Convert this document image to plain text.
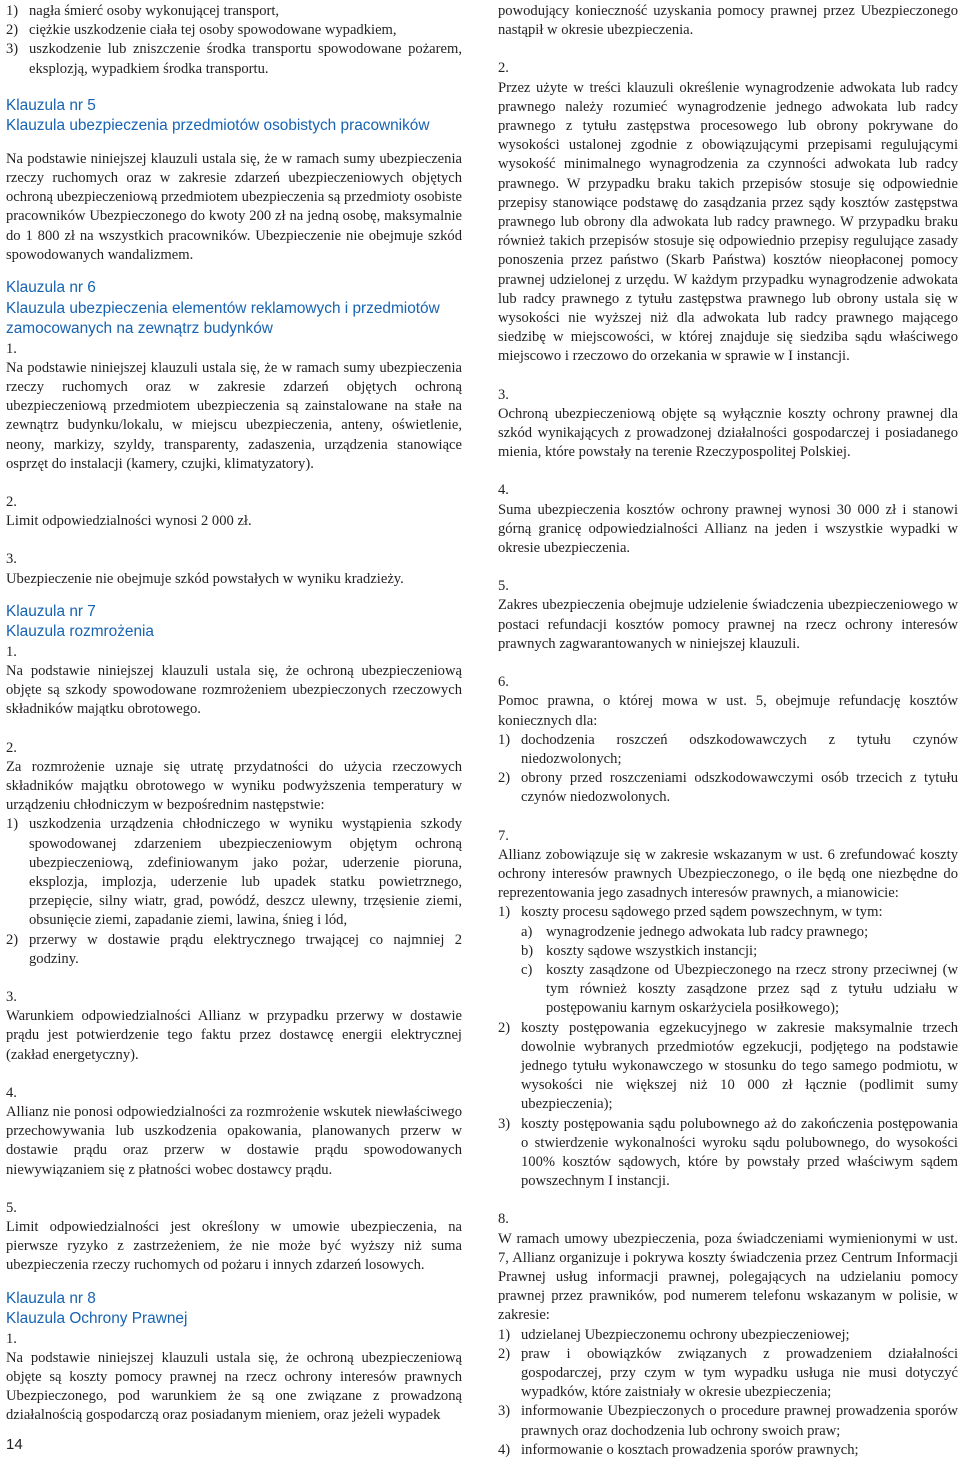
1) nagła śmierć osoby wykonującej transport,
2) ciężkie uszkodzenie ciała tej osoby spowodowane wypadkiem,
3) uszkodzenie lub zniszczenie środka transportu spowodowane pożarem, eksplozją, wypadkiem środka transportu.
Klauzula nr 5
Klauzula ubezpieczenia przedmiotów osobistych pracowników

Na podstawie niniejszej klauzuli ustala się, że w ramach sumy ubezpieczenia rzeczy ruchomych oraz w zakresie zdarzeń ubezpieczeniowych objętych ochroną ubezpieczeniową przedmiotem ubezpieczenia są przedmioty osobiste pracowników Ubezpieczonego do kwoty 200 zł na jedną osobę, maksymalnie do 1 800 zł na wszystkich pracowników. Ubezpieczenie nie obejmuje szkód spowodowanych wandalizmem.

Klauzula nr 6
Klauzula ubezpieczenia elementów reklamowych i przedmiotów zamocowanych na zewnątrz budynków

1.

Na podstawie niniejszej klauzuli ustala się, że w ramach sumy ubezpieczenia rzeczy ruchomych oraz w zakresie zdarzeń objętych ochroną ubezpieczeniową przedmiotem ubezpieczenia są zainstalowane na stałe na zewnątrz budynku/lokalu, w miejscu ubezpieczenia, anteny, oświetlenie, neony, markizy, szyldy, transparenty, zadaszenia, urządzenia stanowiące osprzęt do instalacji (kamery, czujki, klimatyzatory).

2.

Limit odpowiedzialności wynosi 2 000 zł.

3.

Ubezpieczenie nie obejmuje szkód powstałych w wyniku kradzieży.

Klauzula nr 7
Klauzula rozmrożenia

1.

Na podstawie niniejszej klauzuli ustala się, że ochroną ubezpieczeniową objęte są szkody spowodowane rozmrożeniem ubezpieczonych rzeczowych składników majątku obrotowego.

2.

Za rozmrożenie uznaje się utratę przydatności do użycia rzeczowych składników majątku obrotowego w wyniku podwyższenia temperatury w urządzeniu chłodniczym w bezpośrednim następstwie:

1) uszkodzenia urządzenia chłodniczego w wyniku wystąpienia szkody spowodowanej zdarzeniem ubezpieczeniowym objętym ochroną ubezpieczeniową, zdefiniowanym jako pożar, uderzenie pioruna, eksplozja, implozja, uderzenie lub upadek statku powietrznego, przepięcie, silny wiatr, grad, powódź, deszcz ulewny, trzęsienie ziemi, obsunięcie ziemi, zapadanie ziemi, lawina, śnieg i lód,
2) przerwy w dostawie prądu elektrycznego trwającej co najmniej 2 godziny.

3.

Warunkiem odpowiedzialności Allianz w przypadku przerwy w dostawie prądu jest potwierdzenie tego faktu przez dostawcę energii elektrycznej (zakład energetyczny).

4.

Allianz nie ponosi odpowiedzialności za rozmrożenie wskutek niewłaściwego przechowywania lub uszkodzenia opakowania, planowanych przerw w dostawie prądu oraz przerw w dostawie prądu spowodowanych niewywiązaniem się z płatności wobec dostawcy prądu.

5.

Limit odpowiedzialności jest określony w umowie ubezpieczenia, na pierwsze ryzyko z zastrzeżeniem, że nie może być wyższy niż suma ubezpieczenia rzeczy ruchomych od pożaru i innych zdarzeń losowych.

Klauzula nr 8
Klauzula Ochrony Prawnej

1.

Na podstawie niniejszej klauzuli ustala się, że ochroną ubezpieczeniową objęte są koszty pomocy prawnej na rzecz ochrony interesów prawnych Ubezpieczonego, pod warunkiem że są one związane z prowadzoną działalnością gospodarczą oraz posiadanym mieniem, oraz jeżeli wypadek

powodujący konieczność uzyskania pomocy prawnej przez Ubezpieczonego nastąpił w okresie ubezpieczenia.

2.

Przez użyte w treści klauzuli określenie wynagrodzenie adwokata lub radcy prawnego należy rozumieć wynagrodzenie jednego adwokata lub radcy prawnego z tytułu zastępstwa procesowego lub obrony pokrywane do wysokości ustalonej zgodnie z obowiązującymi przepisami regulującymi wysokość minimalnego wynagrodzenia za czynności adwokata lub radcy prawnego. W przypadku braku takich przepisów stosuje się odpowiednie przepisy stanowiące podstawę do zasądzania przez sądy kosztów zastępstwa prawnego lub obrony dla adwokata lub radcy prawnego. W przypadku braku również takich przepisów stosuje się odpowiednio przepisy regulujące zasady ponoszenia przez państwo (Skarb Państwa) kosztów nieopłaconej pomocy prawnej udzielonej z urzędu. W każdym przypadku wynagrodzenie adwokata lub radcy prawnego z tytułu zastępstwa prawnego lub obrony ustala się w wysokości nie wyższej niż dla adwokata lub radcy prawnego mającego siedzibę w miejscowości, w której znajduje się siedziba sądu właściwego miejscowo i rzeczowo do orzekania w sprawie w I instancji.

3.

Ochroną ubezpieczeniową objęte są wyłącznie koszty ochrony prawnej dla szkód wynikających z prowadzonej działalności gospodarczej i posiadanego mienia, które powstały na terenie Rzeczypospolitej Polskiej.

4.

Suma ubezpieczenia kosztów ochrony prawnej wynosi 30 000 zł i stanowi górną granicę odpowiedzialności Allianz na jeden i wszystkie wypadki w okresie ubezpieczenia.

5.

Zakres ubezpieczenia obejmuje udzielenie świadczenia ubezpieczeniowego w postaci refundacji kosztów pomocy prawnej na rzecz ochrony interesów prawnych zagwarantowanych w niniejszej klauzuli.

6.

Pomoc prawna, o której mowa w ust. 5, obejmuje refundację kosztów koniecznych dla:

1) dochodzenia roszczeń odszkodowawczych z tytułu czynów niedozwolonych;
2) obrony przed roszczeniami odszkodowawczymi osób trzecich z tytułu czynów niedozwolonych.

7.

Allianz zobowiązuje się w zakresie wskazanym w ust. 6 zrefundować koszty ochrony interesów prawnych Ubezpieczonego, o ile będą one niezbędne do reprezentowania jego zasadnych interesów prawnych, a mianowicie:

1) koszty procesu sądowego przed sądem powszechnym, w tym:
a) wynagrodzenie jednego adwokata lub radcy prawnego;
b) koszty sądowe wszystkich instancji;
c) koszty zasądzone od Ubezpieczonego na rzecz strony przeciwnej (w tym również koszty zasądzone przez sąd z tytułu udziału w postępowaniu karnym oskarżyciela posiłkowego);
2) koszty postępowania egzekucyjnego w zakresie maksymalnie trzech dowolnie wybranych przedmiotów egzekucji, podjętego na podstawie jednego tytułu wykonawczego w stosunku do tego samego podmiotu, w wysokości nie większej niż 10 000 zł łącznie (podlimit sumy ubezpieczenia);
3) koszty postępowania sądu polubownego aż do zakończenia postępowania o stwierdzenie wykonalności wyroku sądu polubownego, do wysokości 100% kosztów sądowych, które by powstały przed właściwym sądem powszechnym I instancji.

8.

W ramach umowy ubezpieczenia, poza świadczeniami wymienionymi w ust. 7, Allianz organizuje i pokrywa koszty świadczenia przez Centrum Informacji Prawnej usług informacji prawnej, polegających na udzielaniu pomocy prawnej przez prawników, pod numerem telefonu wskazanym w polisie, w zakresie:

1) udzielanej Ubezpieczonemu ochrony ubezpieczeniowej;
2) praw i obowiązków związanych z prowadzeniem działalności gospodarczej, przy czym w tym wypadku usługa nie musi dotyczyć wypadków, które zaistniały w okresie ubezpieczenia;
3) informowanie Ubezpieczonych o procedure prawnej prowadzenia sporów prawnych oraz dochodzenia lub ochrony swoich praw;
4) informowanie o kosztach prowadzenia sporów prawnych;
14
